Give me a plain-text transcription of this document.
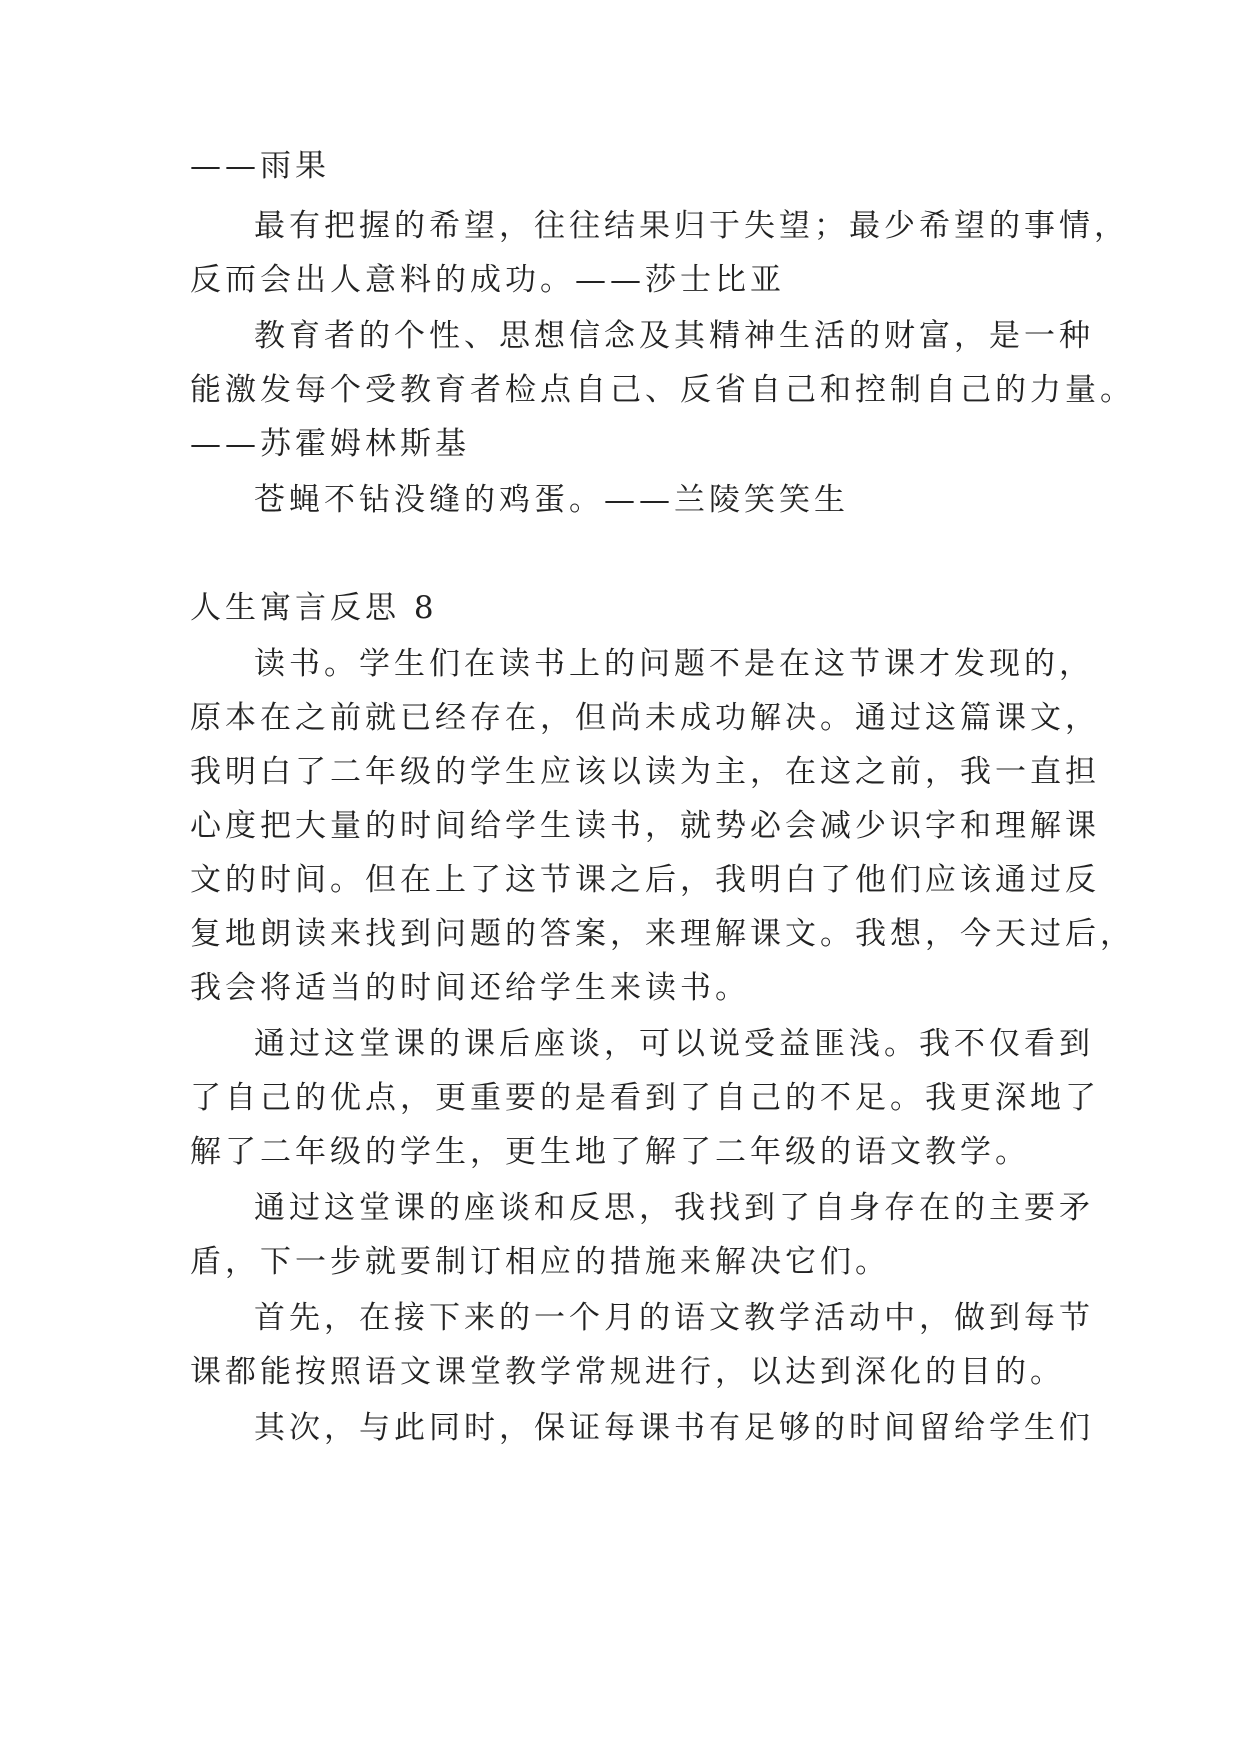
——雨果
最有把握的希望，往往结果归于失望；最少希望的事情，
反而会出人意料的成功。——莎士比亚
教育者的个性、思想信念及其精神生活的财富，是一种
能激发每个受教育者检点自己、反省自己和控制自己的力量。
——苏霍姆林斯基
苍蝇不钻没缝的鸡蛋。——兰陵笑笑生
人生寓言反思 8
读书。学生们在读书上的问题不是在这节课才发现的，
原本在之前就已经存在，但尚未成功解决。通过这篇课文，
我明白了二年级的学生应该以读为主，在这之前，我一直担
心度把大量的时间给学生读书，就势必会减少识字和理解课
文的时间。但在上了这节课之后，我明白了他们应该通过反
复地朗读来找到问题的答案，来理解课文。我想，今天过后，
我会将适当的时间还给学生来读书。
通过这堂课的课后座谈，可以说受益匪浅。我不仅看到
了自己的优点，更重要的是看到了自己的不足。我更深地了
解了二年级的学生，更生地了解了二年级的语文教学。
通过这堂课的座谈和反思，我找到了自身存在的主要矛
盾，下一步就要制订相应的措施来解决它们。
首先，在接下来的一个月的语文教学活动中，做到每节
课都能按照语文课堂教学常规进行，以达到深化的目的。
其次，与此同时，保证每课书有足够的时间留给学生们
